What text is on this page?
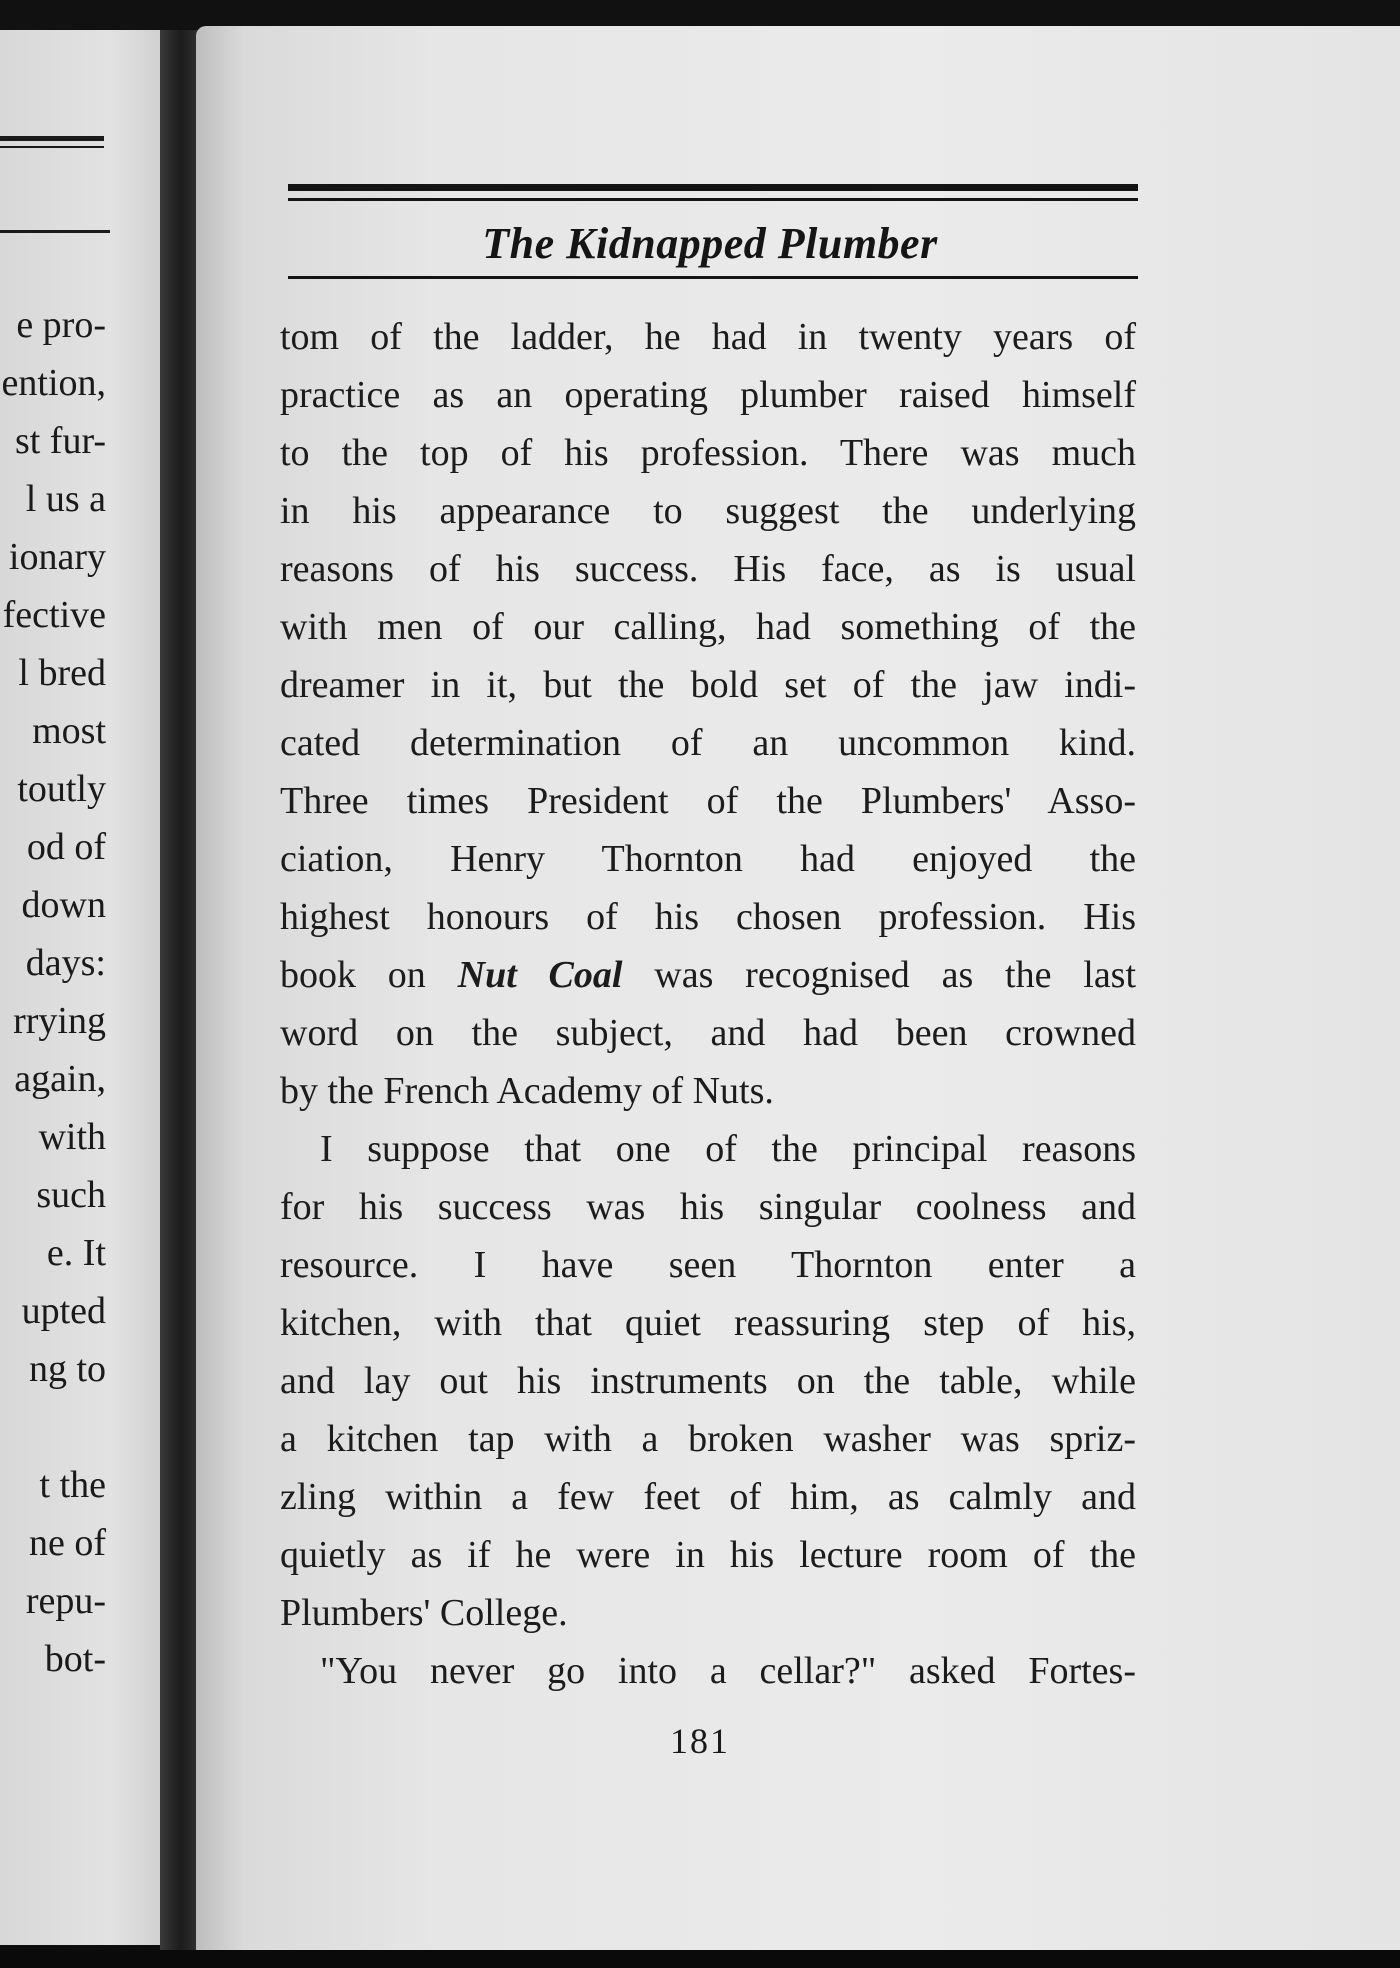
e pro-
ention,
st fur-
l us a
ionary
fective
l bred
most
toutly
od of
down
days:
rrying
again,
with
such
e. It
upted
ng to
t the
ne of
repu-
bot-
The Kidnapped Plumber
tom of the ladder, he had in twenty years of
practice as an operating plumber raised himself
to the top of his profession. There was much
in his appearance to suggest the underlying
reasons of his success. His face, as is usual
with men of our calling, had something of the
dreamer in it, but the bold set of the jaw indi-
cated determination of an uncommon kind.
Three times President of the Plumbers' Asso-
ciation, Henry Thornton had enjoyed the
highest honours of his chosen profession. His
book on Nut Coal was recognised as the last
word on the subject, and had been crowned
by the French Academy of Nuts.
I suppose that one of the principal reasons
for his success was his singular coolness and
resource. I have seen Thornton enter a
kitchen, with that quiet reassuring step of his,
and lay out his instruments on the table, while
a kitchen tap with a broken washer was spriz-
zling within a few feet of him, as calmly and
quietly as if he were in his lecture room of the
Plumbers' College.
"You never go into a cellar?" asked Fortes-
181
